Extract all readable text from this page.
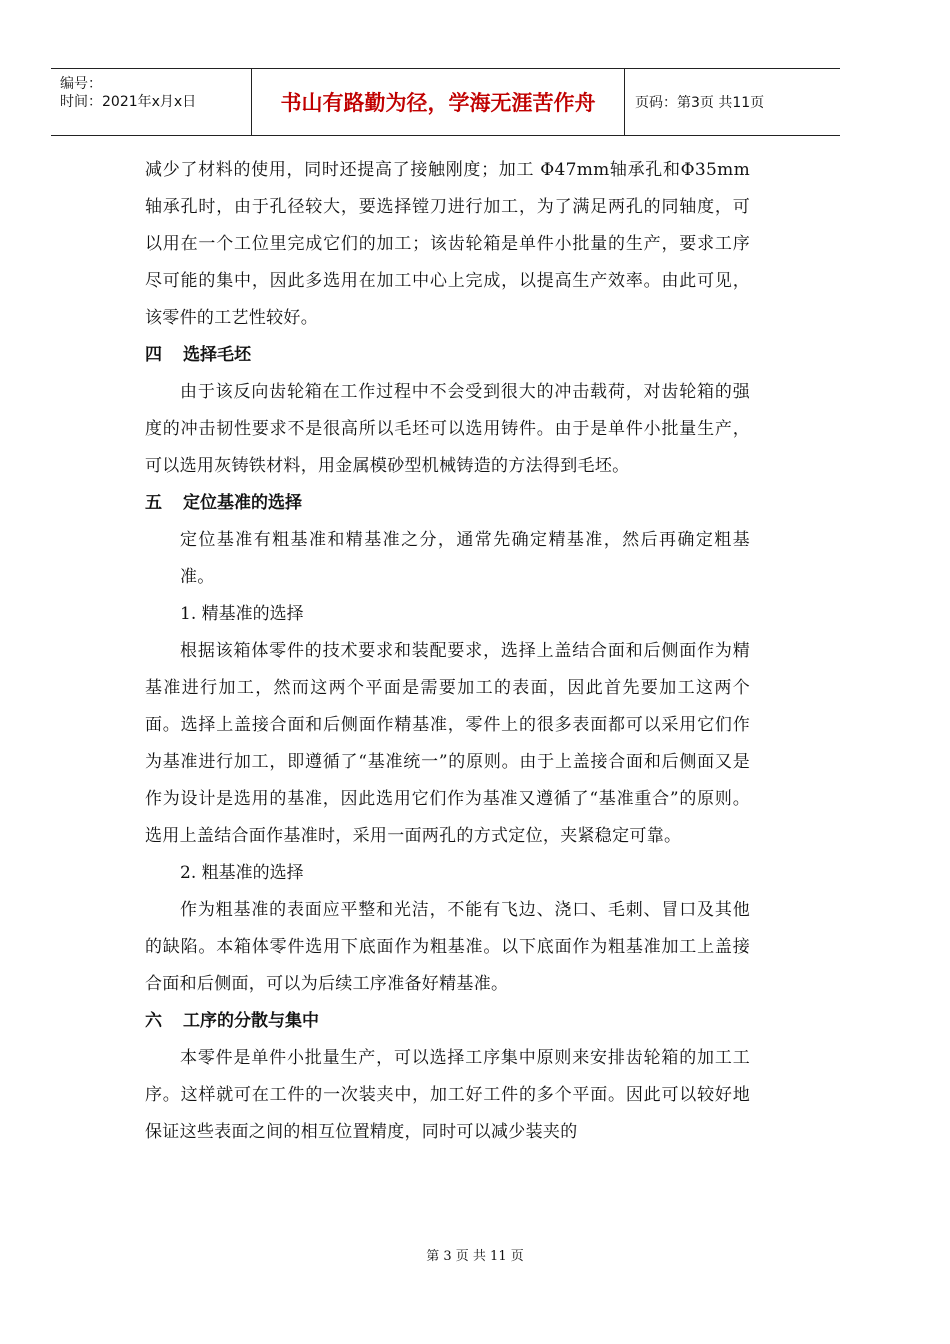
编号：
时间：2021年x月x日	书山有路勤为径，学海无涯苦作舟	页码：第3页 共11页

减少了材料的使用，同时还提高了接触刚度；加工 Φ47mm轴承孔和Φ35mm轴承孔时，由于孔径较大，要选择镗刀进行加工，为了满足两孔的同轴度，可以用在一个工位里完成它们的加工；该齿轮箱是单件小批量的生产，要求工序尽可能的集中，因此多选用在加工中心上完成，以提高生产效率。由此可见，该零件的工艺性较好。

四 选择毛坯

由于该反向齿轮箱在工作过程中不会受到很大的冲击载荷，对齿轮箱的强度的冲击韧性要求不是很高所以毛坯可以选用铸件。由于是单件小批量生产，可以选用灰铸铁材料，用金属模砂型机械铸造的方法得到毛坯。

五 定位基准的选择

定位基准有粗基准和精基准之分，通常先确定精基准，然后再确定粗基准。

1. 精基准的选择

根据该箱体零件的技术要求和装配要求，选择上盖结合面和后侧面作为精基准进行加工，然而这两个平面是需要加工的表面，因此首先要加工这两个面。选择上盖接合面和后侧面作精基准，零件上的很多表面都可以采用它们作为基准进行加工，即遵循了“基准统一”的原则。由于上盖接合面和后侧面又是作为设计是选用的基准，因此选用它们作为基准又遵循了“基准重合”的原则。选用上盖结合面作基准时，采用一面两孔的方式定位，夹紧稳定可靠。

2. 粗基准的选择

作为粗基准的表面应平整和光洁，不能有飞边、浇口、毛刺、冒口及其他的缺陷。本箱体零件选用下底面作为粗基准。以下底面作为粗基准加工上盖接合面和后侧面，可以为后续工序准备好精基准。

六 工序的分散与集中

本零件是单件小批量生产，可以选择工序集中原则来安排齿轮箱的加工工序。这样就可在工件的一次装夹中，加工好工件的多个平面。因此可以较好地保证这些表面之间的相互位置精度，同时可以减少装夹的

第 3 页 共 11 页
